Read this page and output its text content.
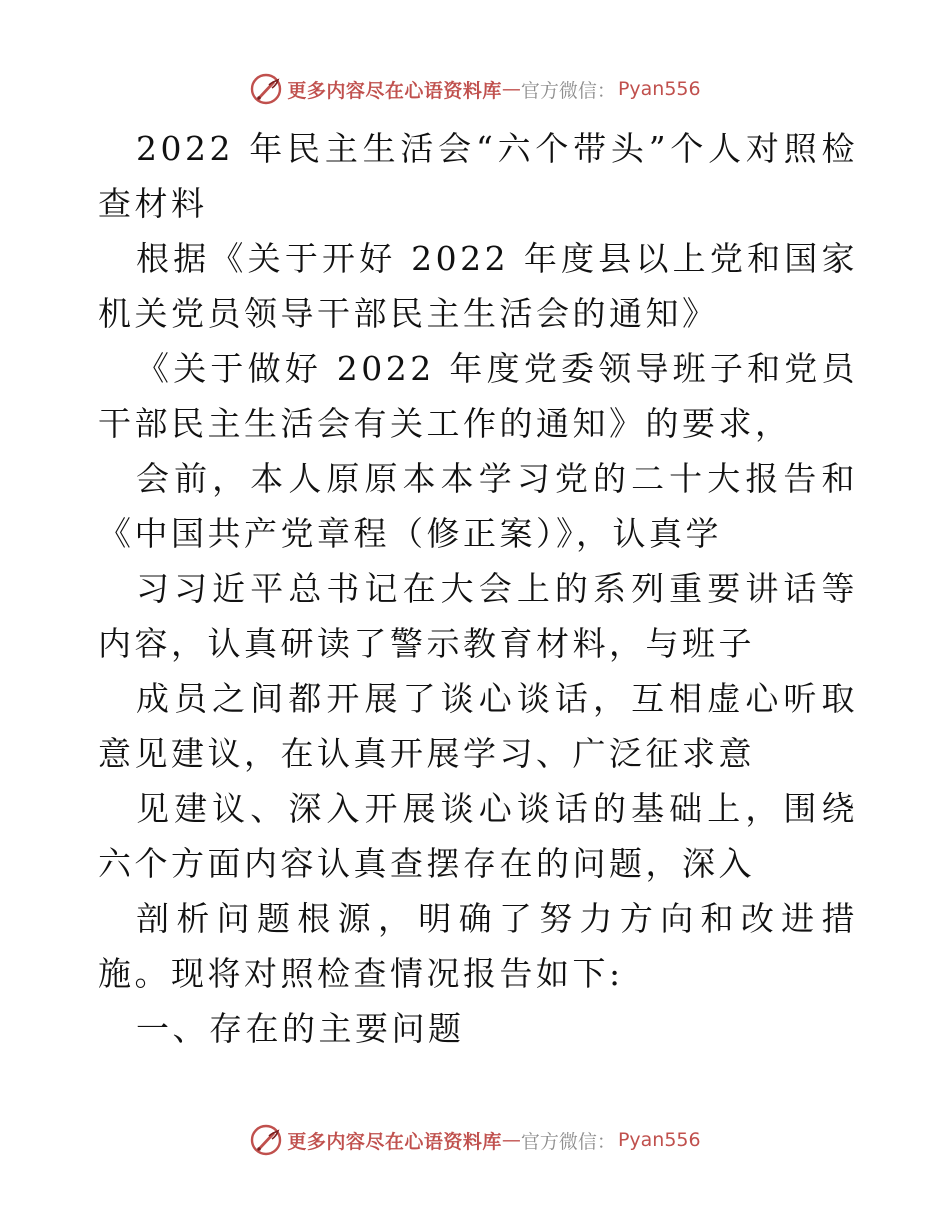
更多内容尽在心语资料库 — 官方微信： Pyan556

2022 年民主生活会“六个带头”个人对照检查材料

根据《关于开好 2022 年度县以上党和国家机关党员领导干部民主生活会的通知》

《关于做好 2022 年度党委领导班子和党员干部民主生活会有关工作的通知》的要求，

会前，本人原原本本学习党的二十大报告和《中国共产党章程（修正案）》，认真学

习习近平总书记在大会上的系列重要讲话等内容，认真研读了警示教育材料，与班子

成员之间都开展了谈心谈话，互相虚心听取意见建议，在认真开展学习、广泛征求意

见建议、深入开展谈心谈话的基础上，围绕六个方面内容认真查摆存在的问题，深入

剖析问题根源，明确了努力方向和改进措施。现将对照检查情况报告如下:

一、存在的主要问题

更多内容尽在心语资料库 — 官方微信： Pyan556
